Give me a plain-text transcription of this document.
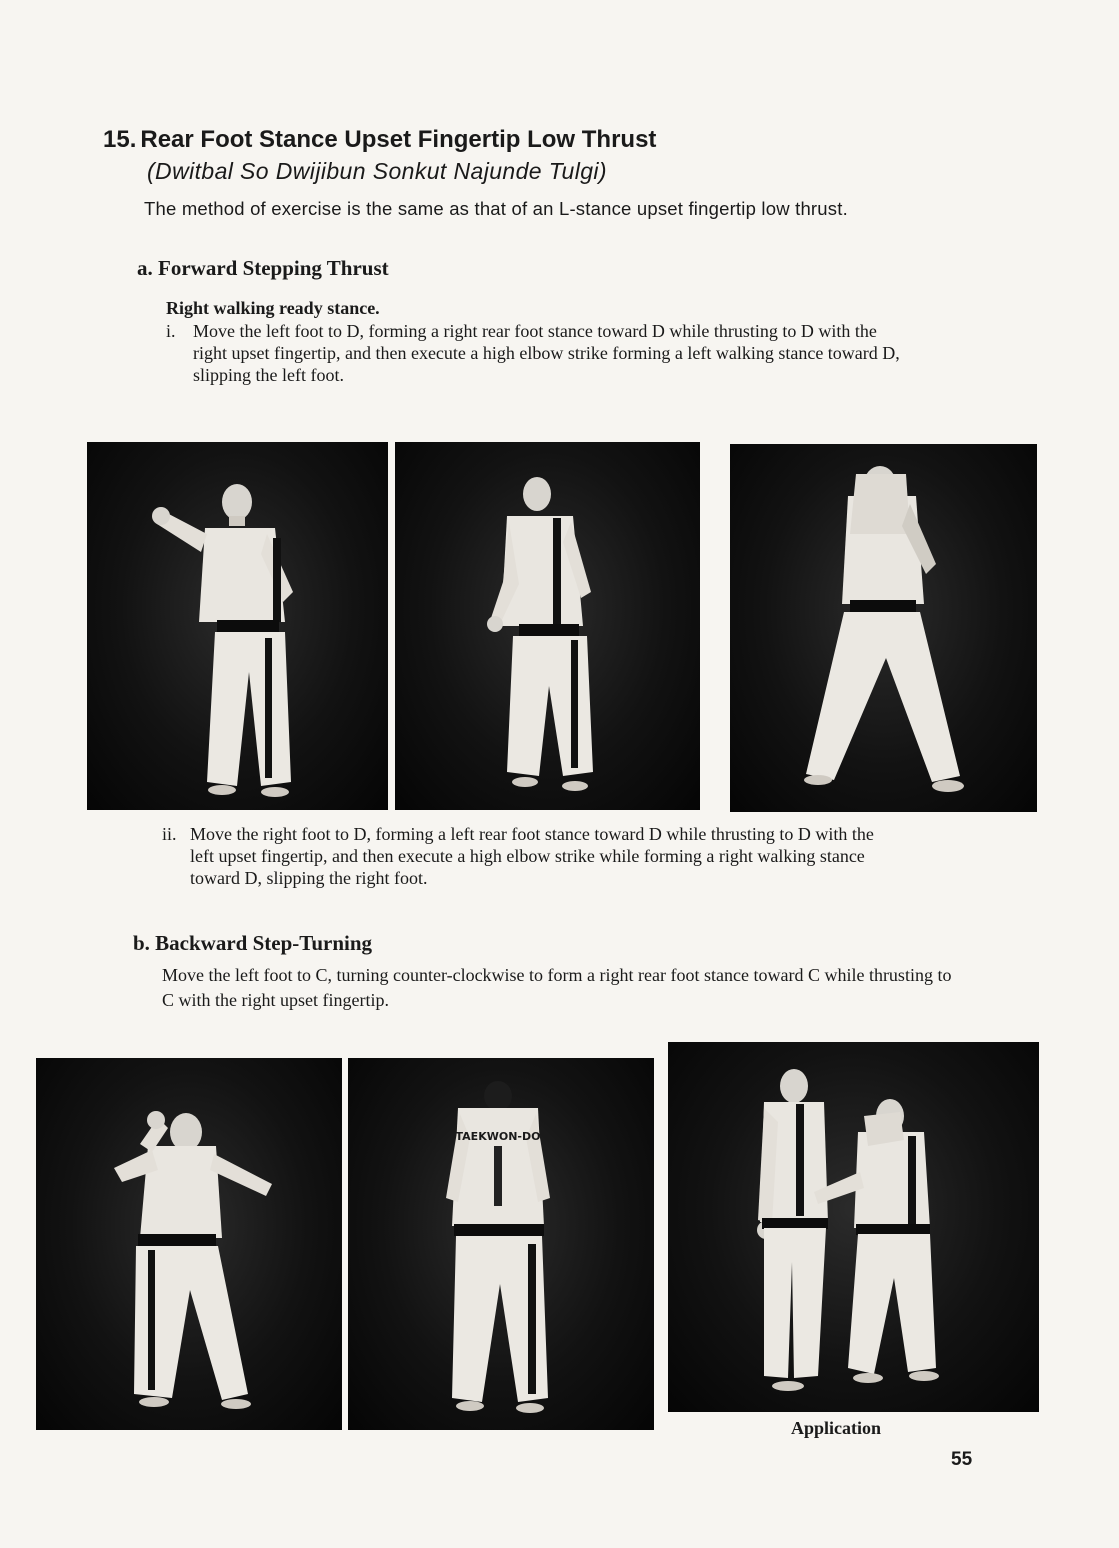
15. Rear Foot Stance Upset Fingertip Low Thrust
(Dwitbal So Dwijibun Sonkut Najunde Tulgi)
The method of exercise is the same as that of an L-stance upset fingertip low thrust.
a. Forward Stepping Thrust
Right walking ready stance.
i. Move the left foot to D, forming a right rear foot stance toward D while thrusting to D with the right upset fingertip, and then execute a high elbow strike forming a left walking stance toward D, slipping the left foot.
ii. Move the right foot to D, forming a left rear foot stance toward D while thrusting to D with the left upset fingertip, and then execute a high elbow strike while forming a right walking stance toward D, slipping the right foot.
b. Backward Step-Turning
Move the left foot to C, turning counter-clockwise to form a right rear foot stance toward C while thrusting to C with the right upset fingertip.
TAEKWON-DO
Application
55
